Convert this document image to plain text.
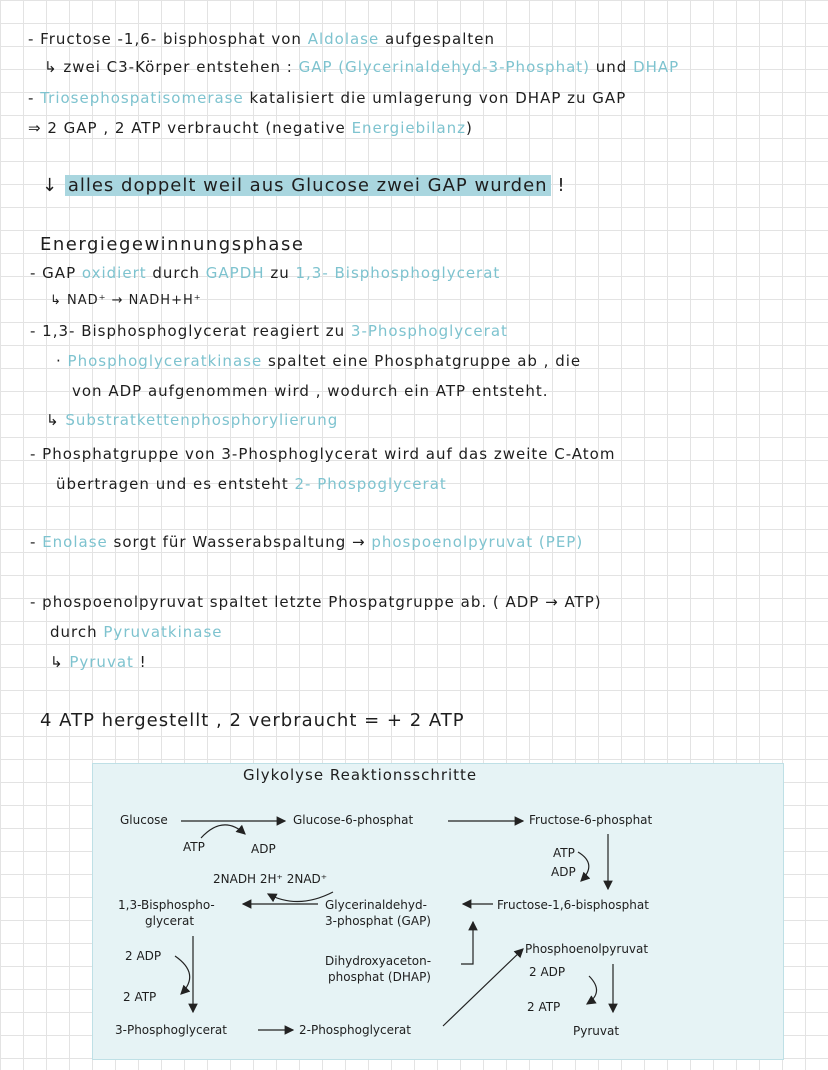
- Fructose -1,6- bisphosphat von Aldolase aufgespalten
↳ zwei C3-Körper entstehen : GAP (Glycerinaldehyd-3-Phosphat) und DHAP
- Triosephospatisomerase katalisiert die umlagerung von DHAP zu GAP
⇒ 2 GAP , 2 ATP verbraucht (negative Energiebilanz)
↓ alles doppelt weil aus Glucose zwei GAP wurden !
Energiegewinnungsphase
- GAP oxidiert durch GAPDH zu 1,3- Bisphosphoglycerat
↳ NAD⁺ → NADH+H⁺
- 1,3- Bisphosphoglycerat reagiert zu 3-Phosphoglycerat
· Phosphoglyceratkinase spaltet eine Phosphatgruppe ab , die
von ADP aufgenommen wird , wodurch ein ATP entsteht.
↳ Substratkettenphosphorylierung
- Phosphatgruppe von 3-Phosphoglycerat wird auf das zweite C-Atom
übertragen und es entsteht 2- Phospoglycerat
- Enolase sorgt für Wasserabspaltung → phospoenolpyruvat (PEP)
- phospoenolpyruvat spaltet letzte Phospatgruppe ab. ( ADP → ATP)
durch Pyruvatkinase
↳ Pyruvat !
4 ATP hergestellt , 2 verbraucht = + 2 ATP
Glykolyse Reaktionsschritte
Glucose	Glucose-6-phosphat	Fructose-6-phosphat
ATP	ADP	ATP
ADP
2NADH 2H⁺ 2NAD⁺
1,3-Bisphospho-
glycerat
Glycerinaldehyd-
3-phosphat (GAP)
Fructose-1,6-bisphosphat
2 ADP
2 ATP
Dihydroxyaceton-
phosphat (DHAP)
Phosphoenolpyruvat
2 ADP
2 ATP
3-Phosphoglycerat	2-Phosphoglycerat	Pyruvat
